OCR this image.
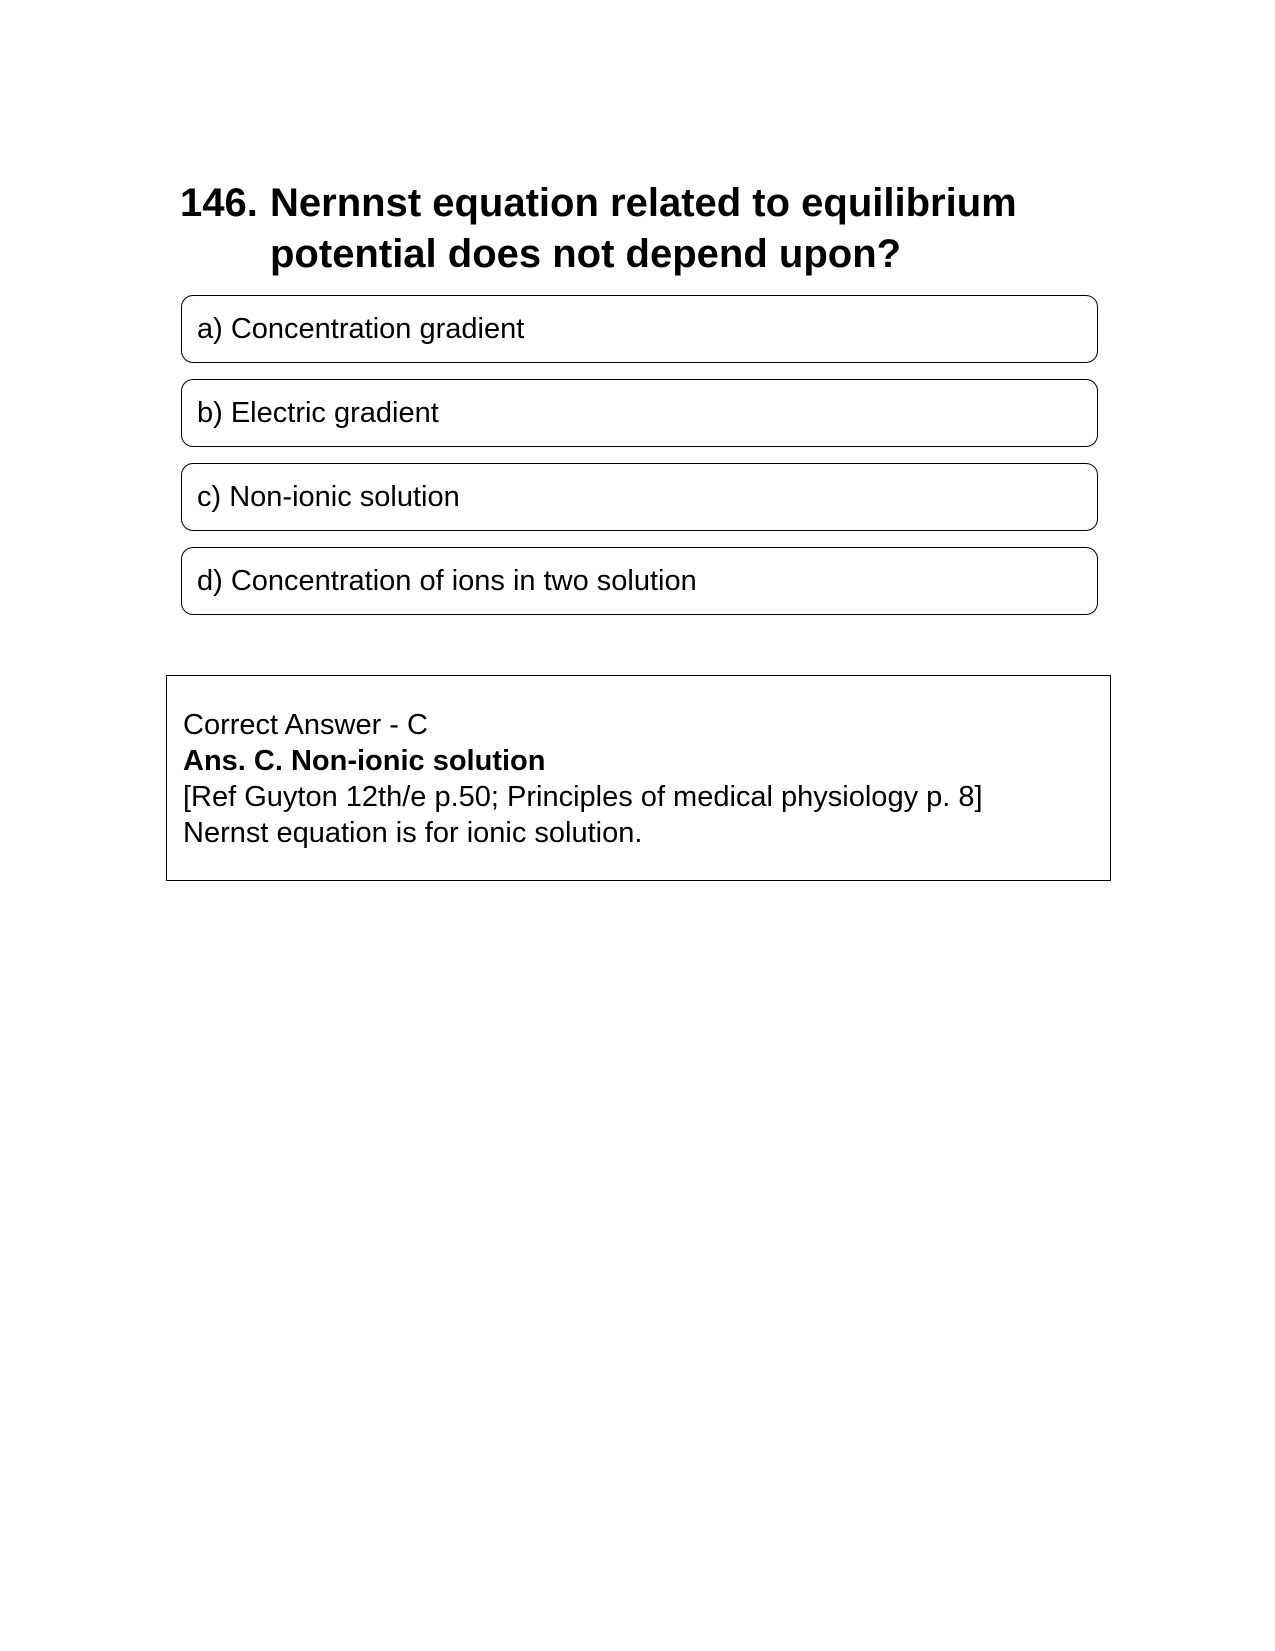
146. Nernnst equation related to equilibrium potential does not depend upon?
a) Concentration gradient
b) Electric gradient
c) Non-ionic solution
d) Concentration of ions in two solution
Correct Answer - C
Ans. C. Non-ionic solution
[Ref Guyton 12th/e p.50; Principles of medical physiology p. 8]
Nernst equation is for ionic solution.
